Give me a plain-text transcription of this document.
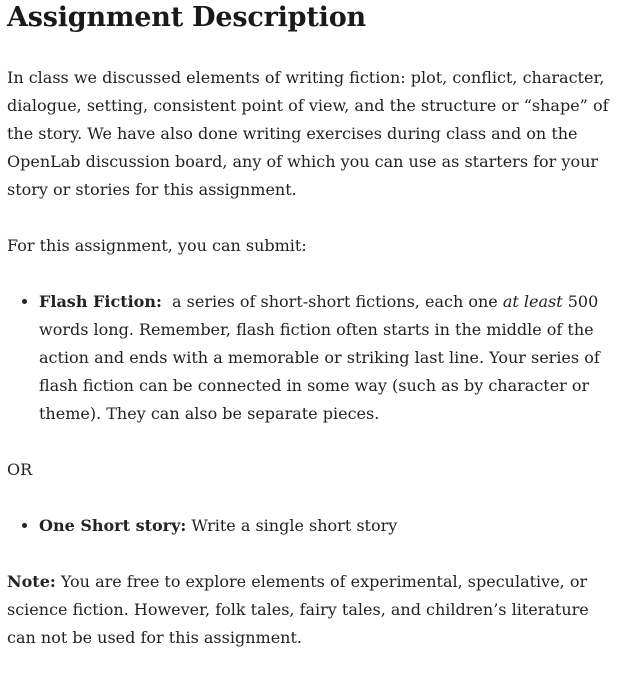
Assignment Description

In class we discussed elements of writing fiction: plot, conflict, character, dialogue, setting, consistent point of view, and the structure or “shape” of the story. We have also done writing exercises during class and on the OpenLab discussion board, any of which you can use as starters for your story or stories for this assignment.

For this assignment, you can submit:

• Flash Fiction:  a series of short-short fictions, each one at least 500 words long. Remember, flash fiction often starts in the middle of the action and ends with a memorable or striking last line. Your series of flash fiction can be connected in some way (such as by character or theme). They can also be separate pieces.

OR

• One Short story: Write a single short story

Note: You are free to explore elements of experimental, speculative, or science fiction. However, folk tales, fairy tales, and children’s literature can not be used for this assignment.
